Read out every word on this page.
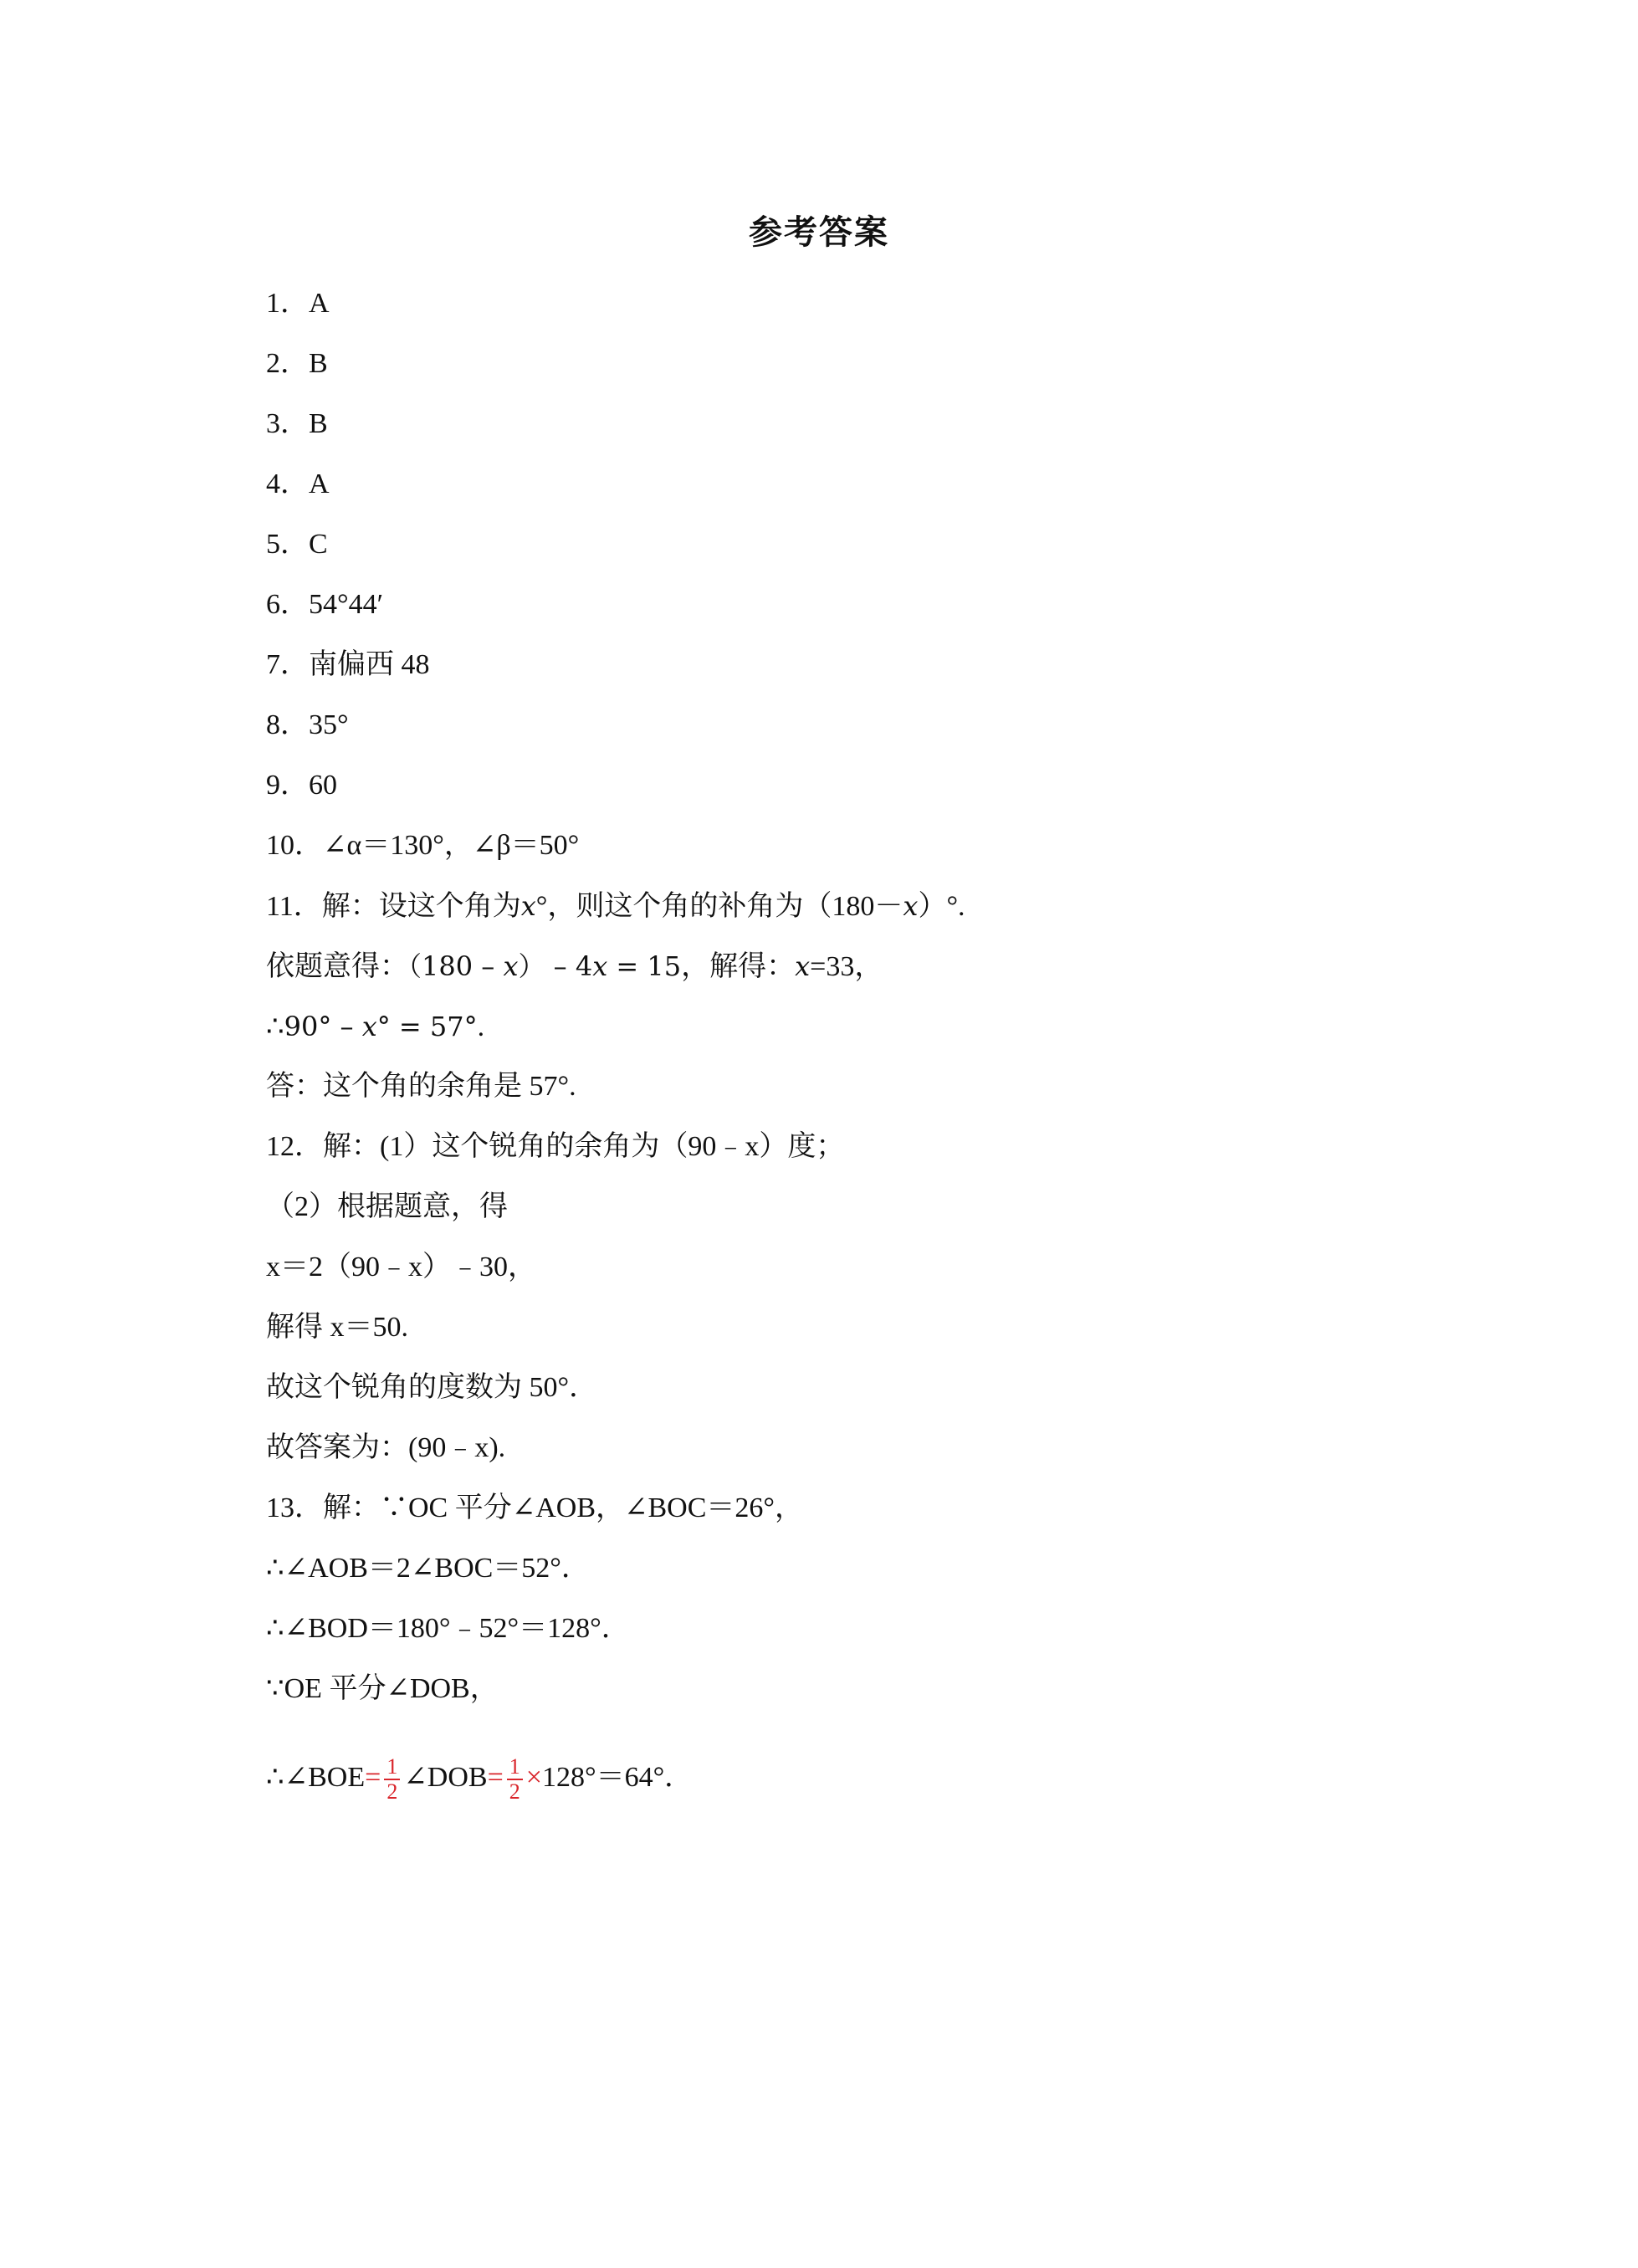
参考答案
1．A
2．B
3．B
4．A
5．C
6．54°44′
7．南偏西 48
8．35°
9．60
10．∠α＝130°，∠β＝50°
11．解：设这个角为x°，则这个角的补角为（180－x）°.
依题意得：（180 – x） – 4x = 15，解得：x=33，
∴90° – x° = 57°.
答：这个角的余角是 57°.
12．解：(1）这个锐角的余角为（90﹣x）度；
（2）根据题意，得
x＝2（90﹣x）﹣30，
解得 x＝50.
故这个锐角的度数为 50°．
故答案为：(90﹣x).
13．解：∵OC 平分∠AOB，∠BOC＝26°，
∴∠AOB＝2∠BOC＝52°．
∴∠BOD＝180°﹣52°＝128°．
∵OE 平分∠DOB，
∴∠BOE= $\frac{1}{2}$ ∠DOB= $\frac{1}{2} \times 128^\circ=64^\circ$．
